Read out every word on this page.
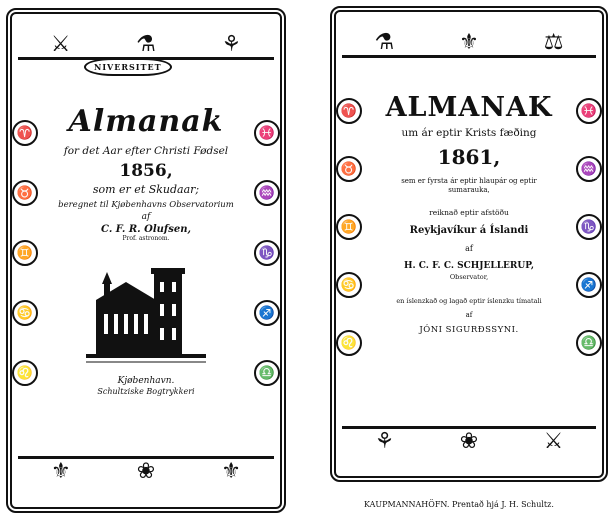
⚔	⚗	⚘
NIVERSITET
♈
♉
♊
♋
♌
♓
♒
♑
♐
♎
⚜	❀	⚜
Almanak
for det Aar efter Christi Fødsel
1856,
som er et Skudaar;
beregnet til Kjøbenhavns Observatorium
af
C. F. R. Olufsen,
Prof. astronom.
Kjøbenhavn.
Schultziske Bogtrykkeri
⚗	⚜	⚖
♈
♉
♊
♋
♌
♓
♒
♑
♐
♎
⚘	❀	⚔
ALMANAK
um ár eptir Krists fæðing
1861,
sem er fyrsta ár eptir hlaupár og eptir
sumarauka,
reiknað eptir afstöðu
Reykjavíkur á Íslandi
af
H. C. F. C. SCHJELLERUP,
Observator,
en íslenzkað og lagað eptir íslenzku tímatali
af
JÓNI SIGURÐSSYNI.
KAUPMANNAHÖFN. Prentað hjá J. H. Schultz.
